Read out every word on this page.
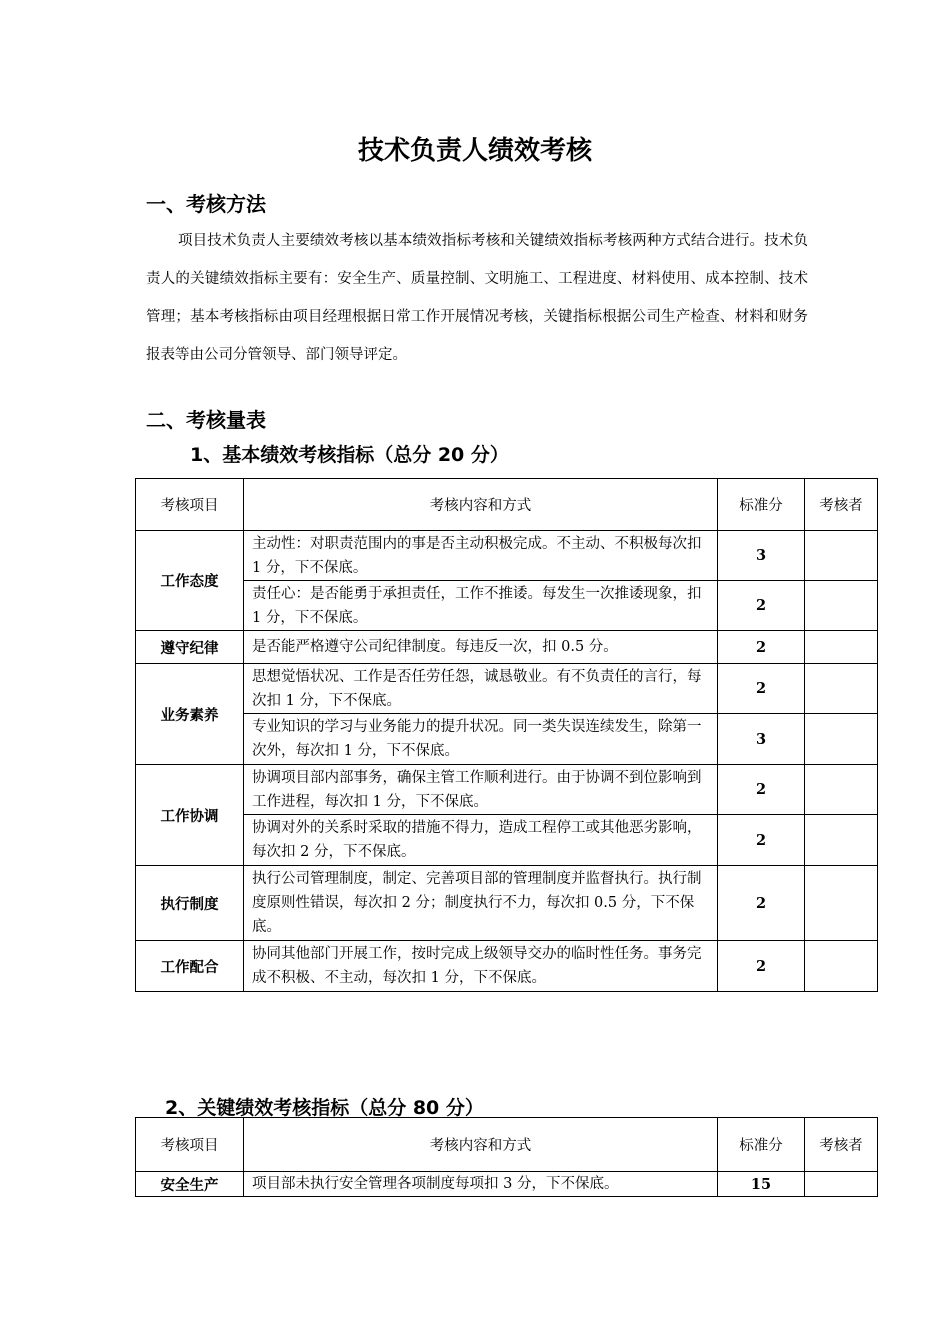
技术负责人绩效考核
一、考核方法
项目技术负责人主要绩效考核以基本绩效指标考核和关键绩效指标考核两种方式结合进行。技术负责人的关键绩效指标主要有：安全生产、质量控制、文明施工、工程进度、材料使用、成本控制、技术管理；基本考核指标由项目经理根据日常工作开展情况考核，关键指标根据公司生产检查、材料和财务报表等由公司分管领导、部门领导评定。
二、考核量表
1、基本绩效考核指标（总分 20 分）
考核项目	考核内容和方式	标准分	考核者
工作态度	主动性：对职责范围内的事是否主动积极完成。不主动、不积极每次扣 1 分，下不保底。	3	
	责任心：是否能勇于承担责任，工作不推诿。每发生一次推诿现象，扣 1 分，下不保底。	2	
遵守纪律	是否能严格遵守公司纪律制度。每违反一次，扣 0.5 分。	2	
业务素养	思想觉悟状况、工作是否任劳任怨，诚恳敬业。有不负责任的言行，每次扣 1 分，下不保底。	2	
	专业知识的学习与业务能力的提升状况。同一类失误连续发生，除第一次外，每次扣 1 分，下不保底。	3	
工作协调	协调项目部内部事务，确保主管工作顺利进行。由于协调不到位影响到工作进程，每次扣 1 分，下不保底。	2	
	协调对外的关系时采取的措施不得力，造成工程停工或其他恶劣影响，每次扣 2 分，下不保底。	2	
执行制度	执行公司管理制度，制定、完善项目部的管理制度并监督执行。执行制度原则性错误，每次扣 2 分；制度执行不力，每次扣 0.5 分，下不保底。	2	
工作配合	协同其他部门开展工作，按时完成上级领导交办的临时性任务。事务完成不积极、不主动，每次扣 1 分，下不保底。	2	
2、关键绩效考核指标（总分 80 分）
考核项目	考核内容和方式	标准分	考核者
安全生产	项目部未执行安全管理各项制度每项扣 3 分，下不保底。	15	
